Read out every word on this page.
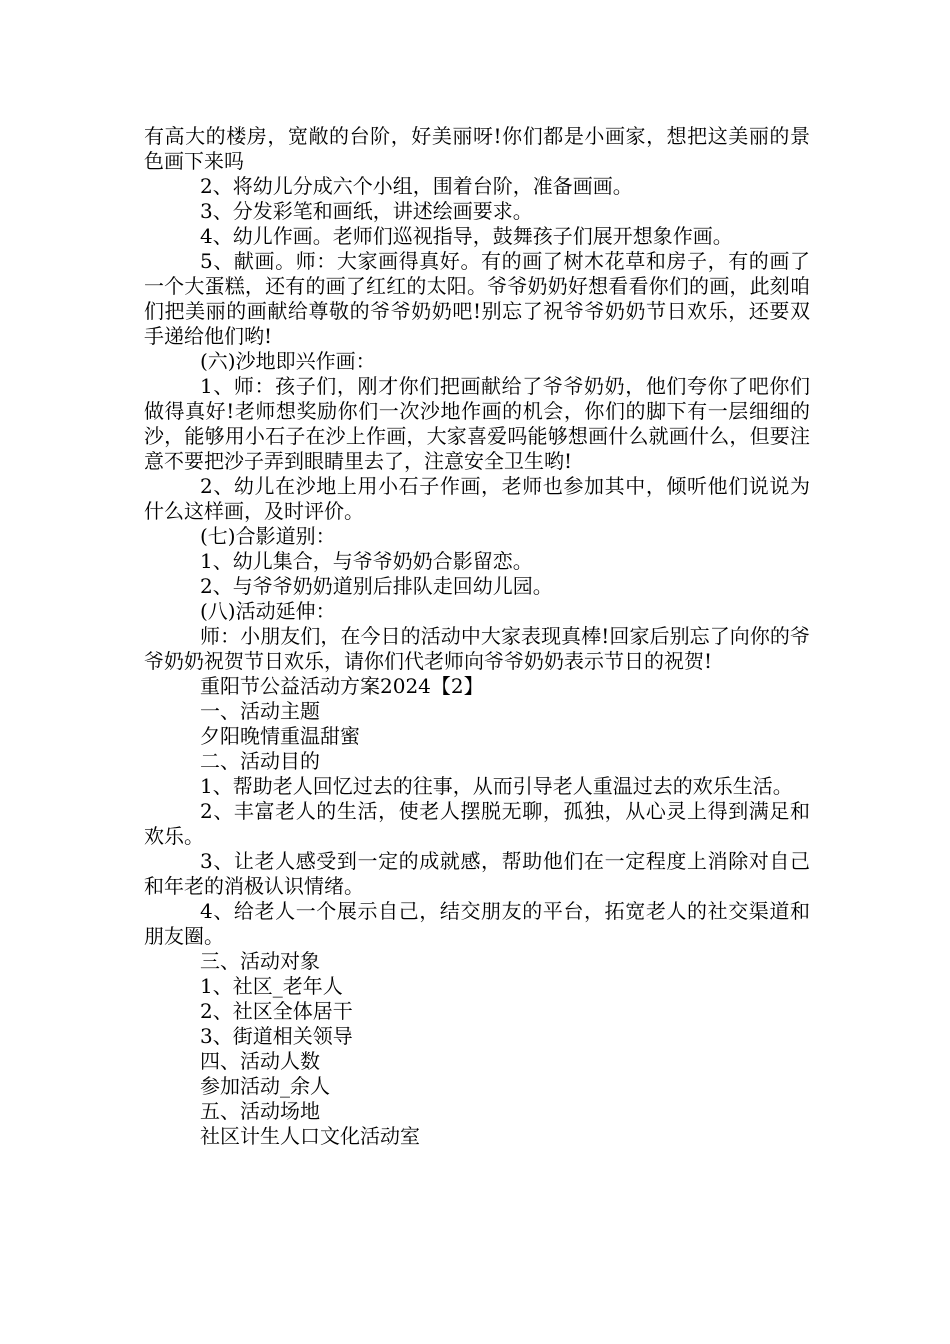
有高大的楼房，宽敞的台阶，好美丽呀!你们都是小画家，想把这美丽的景色画下来吗

2、将幼儿分成六个小组，围着台阶，准备画画。

3、分发彩笔和画纸，讲述绘画要求。

4、幼儿作画。老师们巡视指导，鼓舞孩子们展开想象作画。

5、献画。师：大家画得真好。有的画了树木花草和房子，有的画了一个大蛋糕，还有的画了红红的太阳。爷爷奶奶好想看看你们的画，此刻咱们把美丽的画献给尊敬的爷爷奶奶吧!别忘了祝爷爷奶奶节日欢乐，还要双手递给他们哟!

(六)沙地即兴作画：

1、师：孩子们，刚才你们把画献给了爷爷奶奶，他们夸你了吧你们做得真好!老师想奖励你们一次沙地作画的机会，你们的脚下有一层细细的沙，能够用小石子在沙上作画，大家喜爱吗能够想画什么就画什么，但要注意不要把沙子弄到眼睛里去了，注意安全卫生哟!

2、幼儿在沙地上用小石子作画，老师也参加其中，倾听他们说说为什么这样画，及时评价。

(七)合影道别：

1、幼儿集合，与爷爷奶奶合影留恋。

2、与爷爷奶奶道别后排队走回幼儿园。

(八)活动延伸：

师：小朋友们，在今日的活动中大家表现真棒!回家后别忘了向你的爷爷奶奶祝贺节日欢乐，请你们代老师向爷爷奶奶表示节日的祝贺!

重阳节公益活动方案2024【2】

一、活动主题

夕阳晚情重温甜蜜

二、活动目的

1、帮助老人回忆过去的往事，从而引导老人重温过去的欢乐生活。

2、丰富老人的生活，使老人摆脱无聊，孤独，从心灵上得到满足和欢乐。

3、让老人感受到一定的成就感，帮助他们在一定程度上消除对自己和年老的消极认识情绪。

4、给老人一个展示自己，结交朋友的平台，拓宽老人的社交渠道和朋友圈。

三、活动对象

1、社区_老年人

2、社区全体居干

3、街道相关领导

四、活动人数

参加活动_余人

五、活动场地

社区计生人口文化活动室
